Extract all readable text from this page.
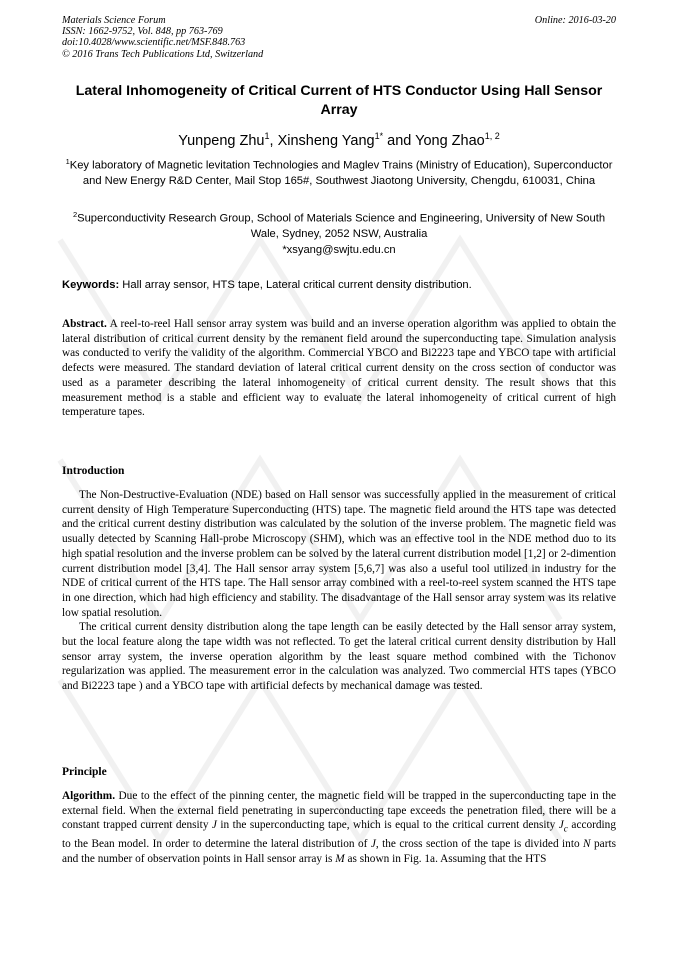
Materials Science Forum
ISSN: 1662-9752, Vol. 848, pp 763-769
doi:10.4028/www.scientific.net/MSF.848.763
© 2016 Trans Tech Publications Ltd, Switzerland
Online: 2016-03-20
Lateral Inhomogeneity of Critical Current of HTS Conductor Using Hall Sensor Array
Yunpeng Zhu$^1$, Xinsheng Yang$^{1*}$ and Yong Zhao$^{1, 2}$
$^1$Key laboratory of Magnetic levitation Technologies and Maglev Trains (Ministry of Education), Superconductor and New Energy R&D Center, Mail Stop 165#, Southwest Jiaotong University, Chengdu, 610031, China
$^2$Superconductivity Research Group, School of Materials Science and Engineering, University of New South Wale, Sydney, 2052 NSW, Australia
*xsyang@swjtu.edu.cn
Keywords: Hall array sensor, HTS tape, Lateral critical current density distribution.

Abstract. A reel-to-reel Hall sensor array system was build and an inverse operation algorithm was applied to obtain the lateral distribution of critical current density by the remanent field around the superconducting tape. Simulation analysis was conducted to verify the validity of the algorithm. Commercial YBCO and Bi2223 tape and YBCO tape with artificial defects were measured. The standard deviation of lateral critical current density on the cross section of conductor was used as a parameter describing the lateral inhomogeneity of critical current density. The result shows that this measurement method is a stable and efficient way to evaluate the lateral inhomogeneity of critical current of high temperature tapes.

Introduction

The Non-Destructive-Evaluation (NDE) based on Hall sensor was successfully applied in the measurement of critical current density of High Temperature Superconducting (HTS) tape. The magnetic field around the HTS tape was detected and the critical current destiny distribution was calculated by the solution of the inverse problem. The magnetic field was usually detected by Scanning Hall-probe Microscopy (SHM), which was an effective tool in the NDE method duo to its high spatial resolution and the inverse problem can be solved by the lateral current distribution model [1,2] or 2-dimention current distribution model [3,4]. The Hall sensor array system [5,6,7] was also a useful tool utilized in industry for the NDE of critical current of the HTS tape. The Hall sensor array combined with a reel-to-reel system scanned the HTS tape in one direction, which had high efficiency and stability. The disadvantage of the Hall sensor array system was its relative low spatial resolution.

The critical current density distribution along the tape length can be easily detected by the Hall sensor array system, but the local feature along the tape width was not reflected. To get the lateral critical current density distribution by Hall sensor array system, the inverse operation algorithm by the least square method combined with the Tichonov regularization was applied. The measurement error in the calculation was analyzed. Two commercial HTS tapes (YBCO and Bi2223 tape ) and a YBCO tape with artificial defects by mechanical damage was tested.

Principle

Algorithm. Due to the effect of the pinning center, the magnetic field will be trapped in the superconducting tape in the external field. When the external field penetrating in superconducting tape exceeds the penetration filed, there will be a constant trapped current density J in the superconducting tape, which is equal to the critical current density $J_c$ according to the Bean model. In order to determine the lateral distribution of J, the cross section of the tape is divided into N parts and the number of observation points in Hall sensor array is M as shown in Fig. 1a. Assuming that the HTS
